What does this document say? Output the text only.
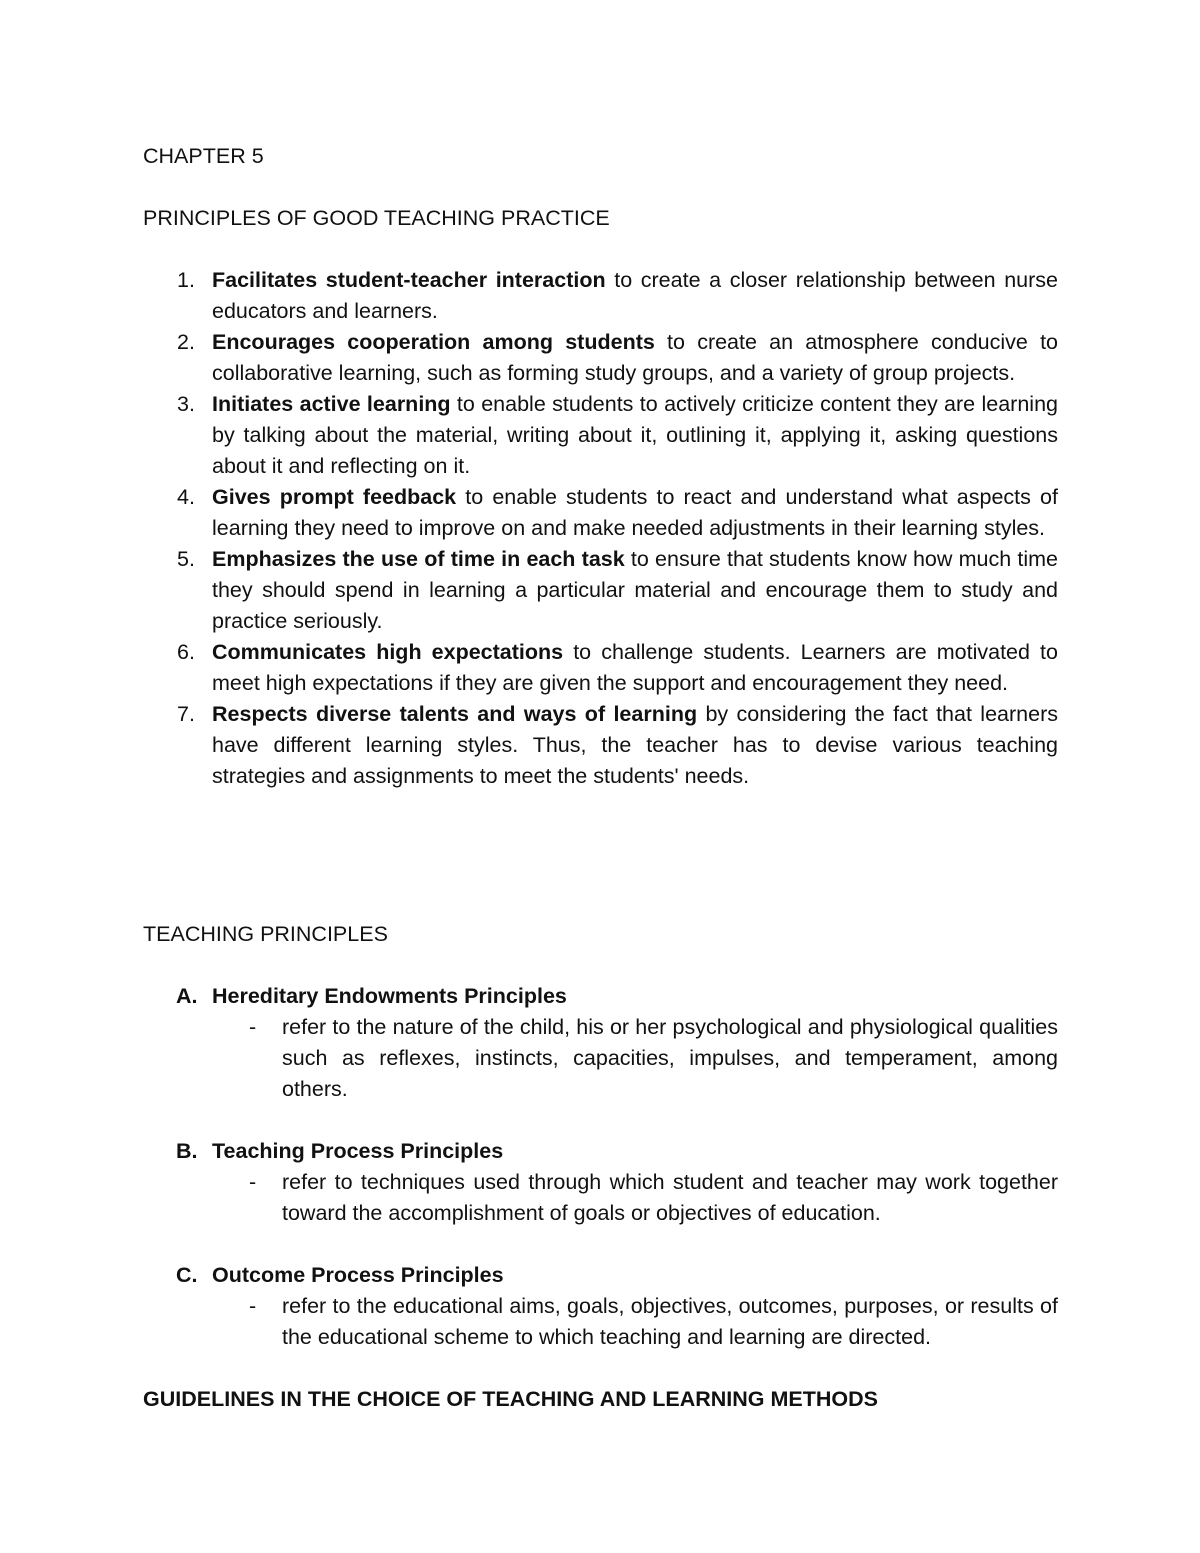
CHAPTER 5
PRINCIPLES OF GOOD TEACHING PRACTICE
1. Facilitates student-teacher interaction to create a closer relationship between nurse educators and learners.
2. Encourages cooperation among students to create an atmosphere conducive to collaborative learning, such as forming study groups, and a variety of group projects.
3. Initiates active learning to enable students to actively criticize content they are learning by talking about the material, writing about it, outlining it, applying it, asking questions about it and reflecting on it.
4. Gives prompt feedback to enable students to react and understand what aspects of learning they need to improve on and make needed adjustments in their learning styles.
5. Emphasizes the use of time in each task to ensure that students know how much time they should spend in learning a particular material and encourage them to study and practice seriously.
6. Communicates high expectations to challenge students. Learners are motivated to meet high expectations if they are given the support and encouragement they need.
7. Respects diverse talents and ways of learning by considering the fact that learners have different learning styles. Thus, the teacher has to devise various teaching strategies and assignments to meet the students' needs.
TEACHING PRINCIPLES
A. Hereditary Endowments Principles
- refer to the nature of the child, his or her psychological and physiological qualities such as reflexes, instincts, capacities, impulses, and temperament, among others.
B. Teaching Process Principles
- refer to techniques used through which student and teacher may work together toward the accomplishment of goals or objectives of education.
C. Outcome Process Principles
- refer to the educational aims, goals, objectives, outcomes, purposes, or results of the educational scheme to which teaching and learning are directed.
GUIDELINES IN THE CHOICE OF TEACHING AND LEARNING METHODS
